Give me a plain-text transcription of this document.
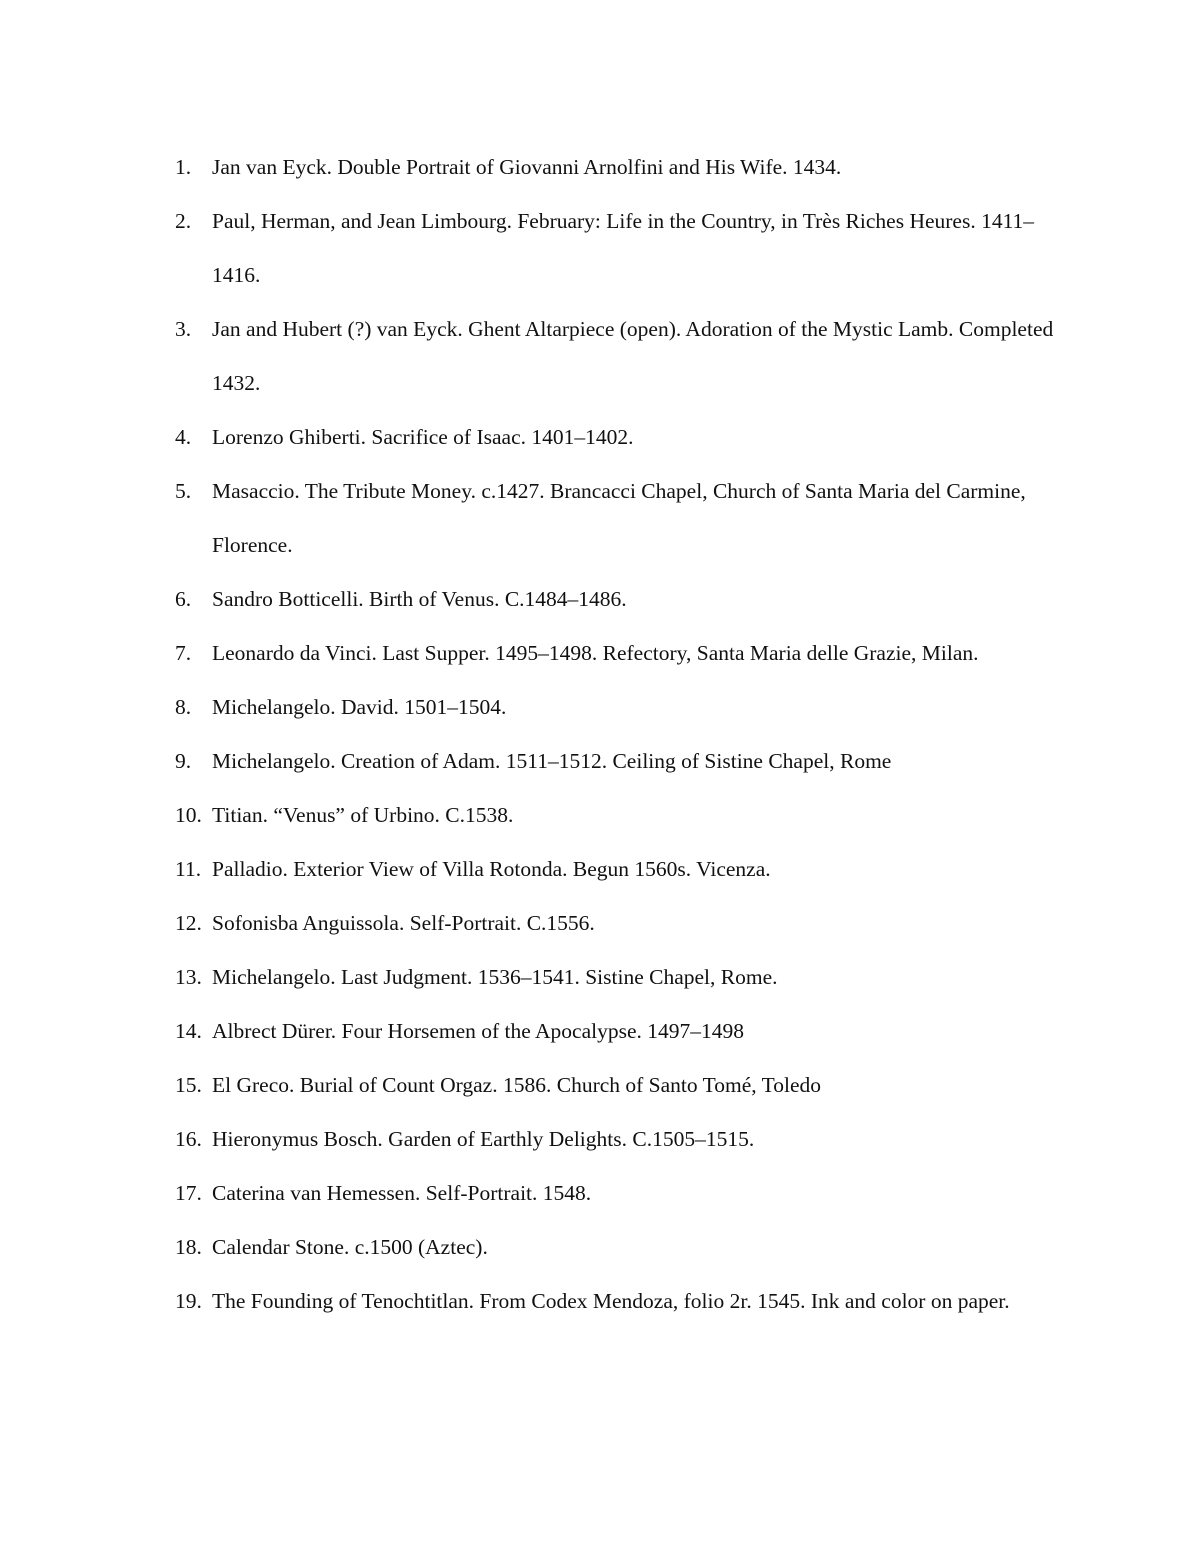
1. Jan van Eyck. Double Portrait of Giovanni Arnolfini and His Wife. 1434.
2. Paul, Herman, and Jean Limbourg. February: Life in the Country, in Très Riches Heures. 1411–1416.
3. Jan and Hubert (?) van Eyck. Ghent Altarpiece (open). Adoration of the Mystic Lamb. Completed 1432.
4. Lorenzo Ghiberti. Sacrifice of Isaac. 1401–1402.
5. Masaccio. The Tribute Money. c.1427. Brancacci Chapel, Church of Santa Maria del Carmine, Florence.
6. Sandro Botticelli. Birth of Venus. C.1484–1486.
7. Leonardo da Vinci. Last Supper. 1495–1498. Refectory, Santa Maria delle Grazie, Milan.
8. Michelangelo. David. 1501–1504.
9. Michelangelo. Creation of Adam. 1511–1512. Ceiling of Sistine Chapel, Rome
10. Titian. “Venus” of Urbino. C.1538.
11. Palladio. Exterior View of Villa Rotonda. Begun 1560s. Vicenza.
12. Sofonisba Anguissola. Self-Portrait. C.1556.
13. Michelangelo. Last Judgment. 1536–1541. Sistine Chapel, Rome.
14. Albrect Dürer. Four Horsemen of the Apocalypse. 1497–1498
15. El Greco. Burial of Count Orgaz. 1586. Church of Santo Tomé, Toledo
16. Hieronymus Bosch. Garden of Earthly Delights. C.1505–1515.
17. Caterina van Hemessen. Self-Portrait. 1548.
18. Calendar Stone. c.1500 (Aztec).
19. The Founding of Tenochtitlan. From Codex Mendoza, folio 2r. 1545. Ink and color on paper.
